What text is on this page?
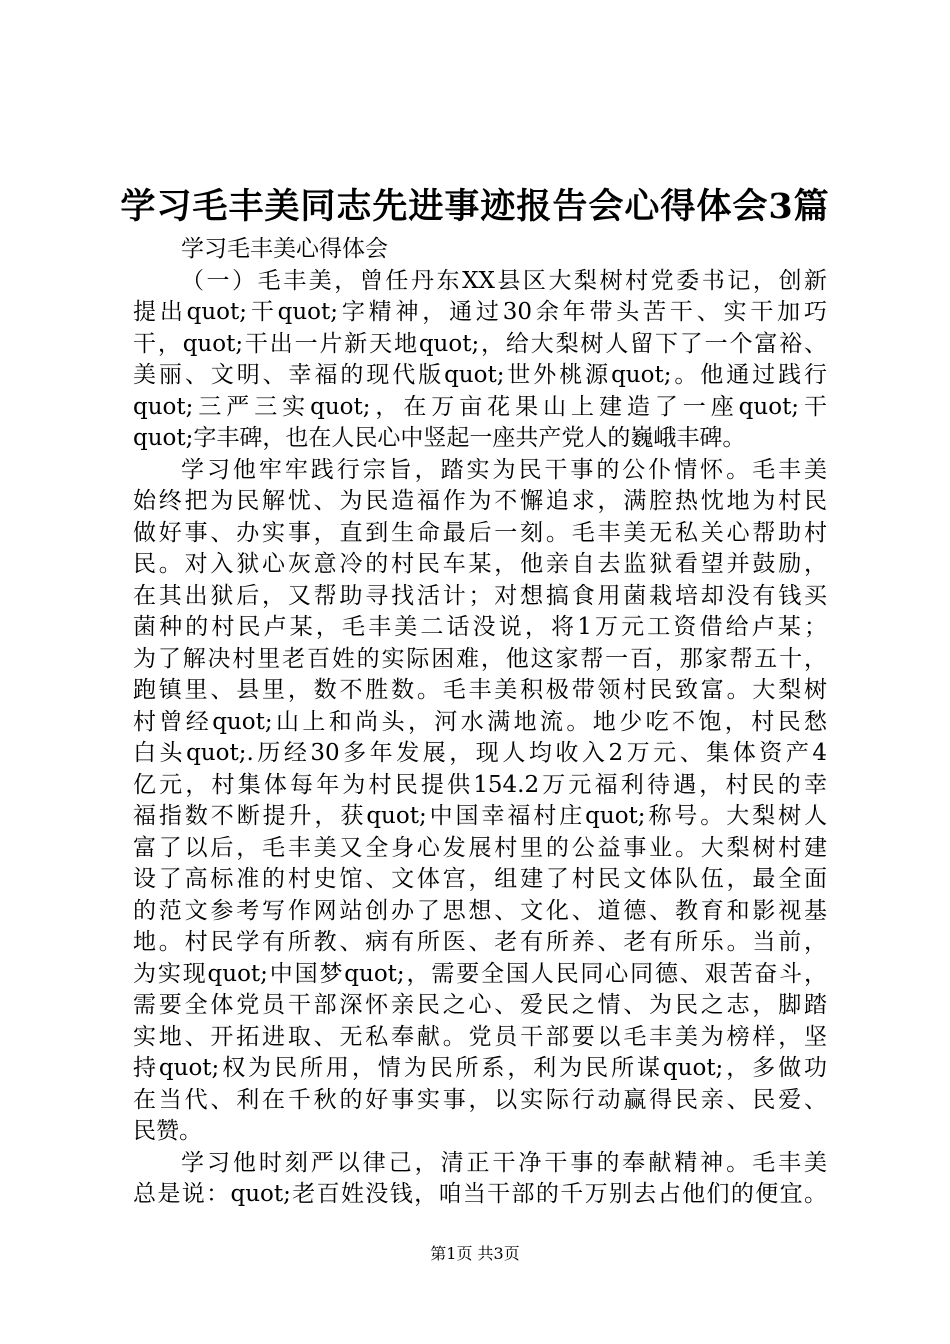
学习毛丰美同志先进事迹报告会心得体会3篇
学习毛丰美心得体会
（一）毛丰美，曾任丹东XX县区大梨树村党委书记，创新
提出quot;干quot;字精神，通过30余年带头苦干、实干加巧
干，quot;干出一片新天地quot;，给大梨树人留下了一个富裕、
美丽、文明、幸福的现代版quot;世外桃源quot;。他通过践行
quot;三严三实quot;，在万亩花果山上建造了一座quot;干
quot;字丰碑，也在人民心中竖起一座共产党人的巍峨丰碑。
学习他牢牢践行宗旨，踏实为民干事的公仆情怀。毛丰美
始终把为民解忧、为民造福作为不懈追求，满腔热忱地为村民
做好事、办实事，直到生命最后一刻。毛丰美无私关心帮助村
民。对入狱心灰意冷的村民车某，他亲自去监狱看望并鼓励，
在其出狱后，又帮助寻找活计；对想搞食用菌栽培却没有钱买
菌种的村民卢某，毛丰美二话没说，将1万元工资借给卢某；
为了解决村里老百姓的实际困难，他这家帮一百，那家帮五十，
跑镇里、县里，数不胜数。毛丰美积极带领村民致富。大梨树
村曾经quot;山上和尚头，河水满地流。地少吃不饱，村民愁
白头quot;.历经30多年发展，现人均收入2万元、集体资产4
亿元，村集体每年为村民提供154.2万元福利待遇，村民的幸
福指数不断提升，获quot;中国幸福村庄quot;称号。大梨树人
富了以后，毛丰美又全身心发展村里的公益事业。大梨树村建
设了高标准的村史馆、文体宫，组建了村民文体队伍，最全面
的范文参考写作网站创办了思想、文化、道德、教育和影视基
地。村民学有所教、病有所医、老有所养、老有所乐。当前，
为实现quot;中国梦quot;，需要全国人民同心同德、艰苦奋斗，
需要全体党员干部深怀亲民之心、爱民之情、为民之志，脚踏
实地、开拓进取、无私奉献。党员干部要以毛丰美为榜样，坚
持quot;权为民所用，情为民所系，利为民所谋quot;，多做功
在当代、利在千秋的好事实事，以实际行动赢得民亲、民爱、
民赞。
学习他时刻严以律己，清正干净干事的奉献精神。毛丰美
总是说：quot;老百姓没钱，咱当干部的千万别去占他们的便宜。
第1页 共3页
